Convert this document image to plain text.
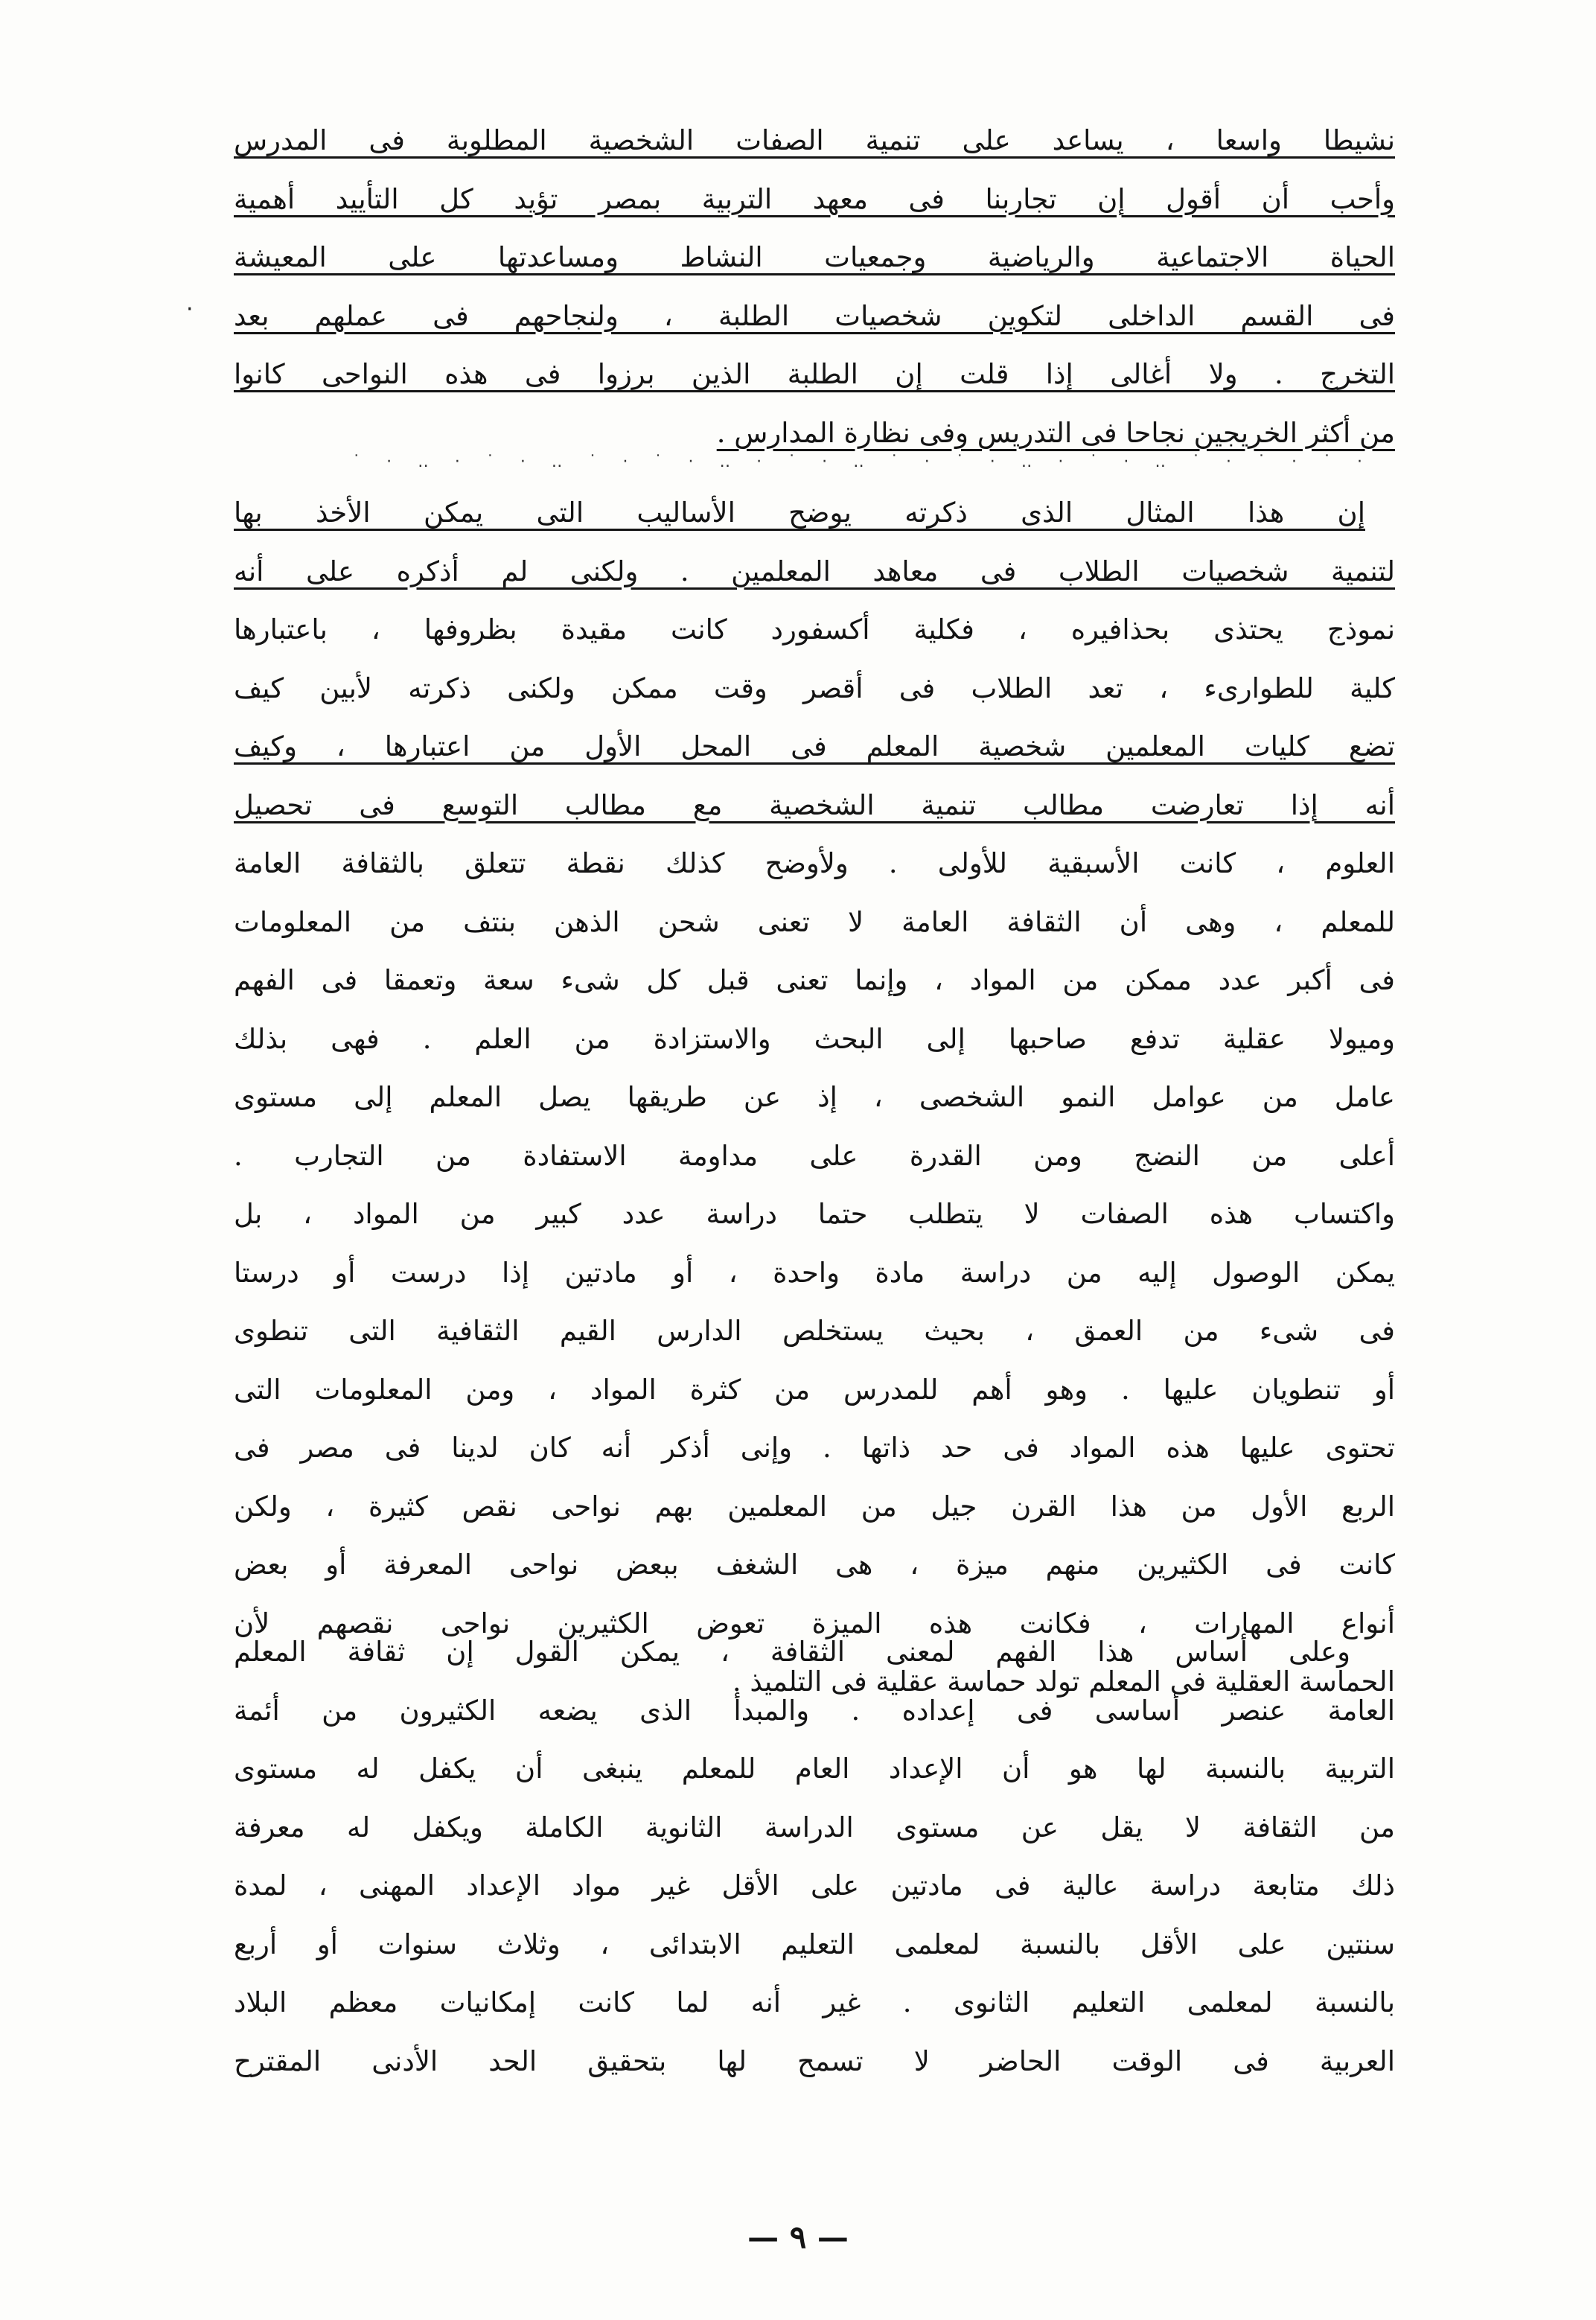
·
· ˙ · ˙ · ˙ ‥ · ˙ · ‥ · ˙ · ˙ ‥ · ˙ · ‥ · ˙ · ˙ ‥ · ˙ · ‥ · ˙
نشيطا واسعا ، يساعد على تنمية الصفات الشخصية المطلوبة فى المدرس
وأحب أن أقول إن تجاربنا فى معهد التربية بمصر تؤيد كل التأييد أهمية
الحياة الاجتماعية والرياضية وجمعيات النشاط ومساعدتها على المعيشة
فى القسم الداخلى لتكوين شخصيات الطلبة ، ولنجاحهم فى عملهم بعد
التخرج . ولا أغالى إذا قلت إن الطلبة الذين برزوا فى هذه النواحى كانوا
من أكثر الخريجين نجاحا فى التدريس وفى نظارة المدارس .
إن هذا المثال الذى ذكرته يوضح الأساليب التى يمكن الأخذ بها
لتنمية شخصيات الطلاب فى معاهد المعلمين . ولكنى لم أذكره على أنه
نموذج يحتذى بحذافيره ، فكلية أكسفورد كانت مقيدة بظروفها ، باعتبارها
كلية للطوارىء ، تعد الطلاب فى أقصر وقت ممكن ولكنى ذكرته لأبين كيف
تضع كليات المعلمين شخصية المعلم فى المحل الأول من اعتبارها ، وكيف
أنه إذا تعارضت مطالب تنمية الشخصية مع مطالب التوسع فى تحصيل
العلوم ، كانت الأسبقية للأولى . ولأوضح كذلك نقطة تتعلق بالثقافة العامة
للمعلم ، وهى أن الثقافة العامة لا تعنى شحن الذهن بنتف من المعلومات
فى أكبر عدد ممكن من المواد ، وإنما تعنى قبل كل شىء سعة وتعمقا فى الفهم
وميولا عقلية تدفع صاحبها إلى البحث والاستزادة من العلم . فهى بذلك
عامل من عوامل النمو الشخصى ، إذ عن طريقها يصل المعلم إلى مستوى
أعلى من النضج ومن القدرة على مداومة الاستفادة من التجارب .
واكتساب هذه الصفات لا يتطلب حتما دراسة عدد كبير من المواد ، بل
يمكن الوصول إليه من دراسة مادة واحدة ، أو مادتين إذا درست أو درستا
فى شىء من العمق ، بحيث يستخلص الدارس القيم الثقافية التى تنطوى
أو تنطويان عليها . وهو أهم للمدرس من كثرة المواد ، ومن المعلومات التى
تحتوى عليها هذه المواد فى حد ذاتها . وإنى أذكر أنه كان لدينا فى مصر فى
الربع الأول من هذا القرن جيل من المعلمين بهم نواحى نقص كثيرة ، ولكن
كانت فى الكثيرين منهم ميزة ، هى الشغف ببعض نواحى المعرفة أو بعض
أنواع المهارات ، فكانت هذه الميزة تعوض الكثيرين نواحى نقصهم لأن
الحماسة العقلية فى المعلم تولد حماسة عقلية فى التلميذ .
وعلى أساس هذا الفهم لمعنى الثقافة ، يمكن القول إن ثقافة المعلم
العامة عنصر أساسى فى إعداده . والمبدأ الذى يضعه الكثيرون من أئمة
التربية بالنسبة لها هو أن الإعداد العام للمعلم ينبغى أن يكفل له مستوى
من الثقافة لا يقل عن مستوى الدراسة الثانوية الكاملة ويكفل له معرفة
ذلك متابعة دراسة عالية فى مادتين على الأقل غير مواد الإعداد المهنى ، لمدة
سنتين على الأقل بالنسبة لمعلمى التعليم الابتدائى ، وثلاث سنوات أو أربع
بالنسبة لمعلمى التعليم الثانوى . غير أنه لما كانت إمكانيات معظم البلاد
العربية فى الوقت الحاضر لا تسمح لها بتحقيق الحد الأدنى المقترح
— ٩ —
